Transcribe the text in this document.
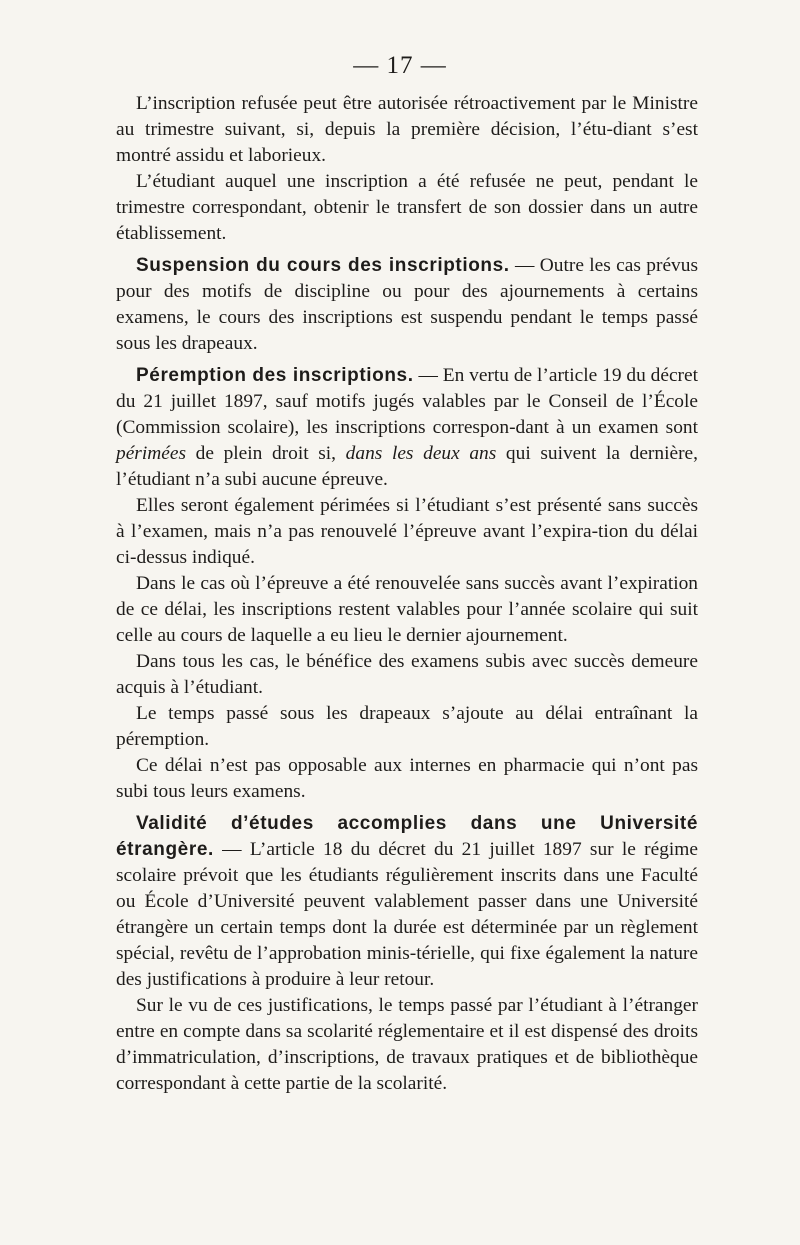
— 17 —

L’inscription refusée peut être autorisée rétroactivement par le Ministre au trimestre suivant, si, depuis la première décision, l’étu-diant s’est montré assidu et laborieux.

L’étudiant auquel une inscription a été refusée ne peut, pendant le trimestre correspondant, obtenir le transfert de son dossier dans un autre établissement.

Suspension du cours des inscriptions. — Outre les cas prévus pour des motifs de discipline ou pour des ajournements à certains examens, le cours des inscriptions est suspendu pendant le temps passé sous les drapeaux.

Péremption des inscriptions. — En vertu de l’article 19 du décret du 21 juillet 1897, sauf motifs jugés valables par le Conseil de l’École (Commission scolaire), les inscriptions correspon-dant à un examen sont périmées de plein droit si, dans les deux ans qui suivent la dernière, l’étudiant n’a subi aucune épreuve.

Elles seront également périmées si l’étudiant s’est présenté sans succès à l’examen, mais n’a pas renouvelé l’épreuve avant l’expira-tion du délai ci-dessus indiqué.

Dans le cas où l’épreuve a été renouvelée sans succès avant l’expiration de ce délai, les inscriptions restent valables pour l’année scolaire qui suit celle au cours de laquelle a eu lieu le dernier ajournement.

Dans tous les cas, le bénéfice des examens subis avec succès demeure acquis à l’étudiant.

Le temps passé sous les drapeaux s’ajoute au délai entraînant la péremption.

Ce délai n’est pas opposable aux internes en pharmacie qui n’ont pas subi tous leurs examens.

Validité d’études accomplies dans une Université étrangère. — L’article 18 du décret du 21 juillet 1897 sur le régime scolaire prévoit que les étudiants régulièrement inscrits dans une Faculté ou École d’Université peuvent valablement passer dans une Université étrangère un certain temps dont la durée est déterminée par un règlement spécial, revêtu de l’approbation minis-térielle, qui fixe également la nature des justifications à produire à leur retour.

Sur le vu de ces justifications, le temps passé par l’étudiant à l’étranger entre en compte dans sa scolarité réglementaire et il est dispensé des droits d’immatriculation, d’inscriptions, de travaux pratiques et de bibliothèque correspondant à cette partie de la scolarité.
